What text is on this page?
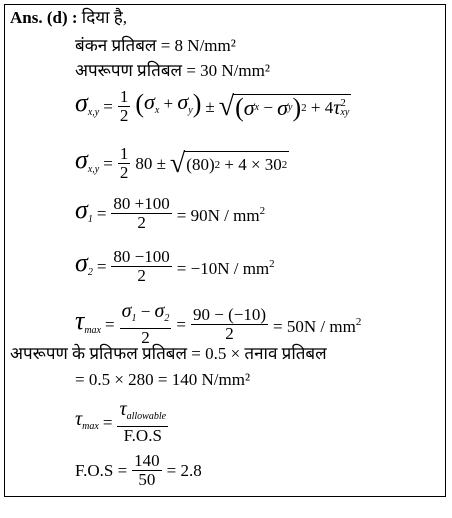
Ans. (d) : दिया है,
बंकन प्रतिबल = 8 N/mm²
अपरूपण प्रतिबल = 30 N/mm²
$\sigma_{x,y} = \frac{1}{2} (\sigma_x + \sigma_y)$ ± √ ( σ x
−
σ y ) 2
+ 4 τ 2
xy
$\sigma_{x,y} = \frac{1}{2} 80$ ± √ (80) 2
+ 4 × 30 2
$\sigma_1 = \frac{80 +100}{2} = 90N / mm^2$
$\sigma_2 = \frac{80 -100}{2} = -10N / mm^2$
$\tau_{max} = \frac{\sigma_1 - \sigma_2}{2} = \frac{90 - (-10)}{2} = 50N / mm^2$
अपरूपण के प्रतिफल प्रतिबल = 0.5 × तनाव प्रतिबल
= 0.5 × 280 = 140 N/mm²
$\tau_{max} = \frac{\tau_{allowable}}{F.O.S}$
$F.O.S = \frac{140}{50} = 2.8$
